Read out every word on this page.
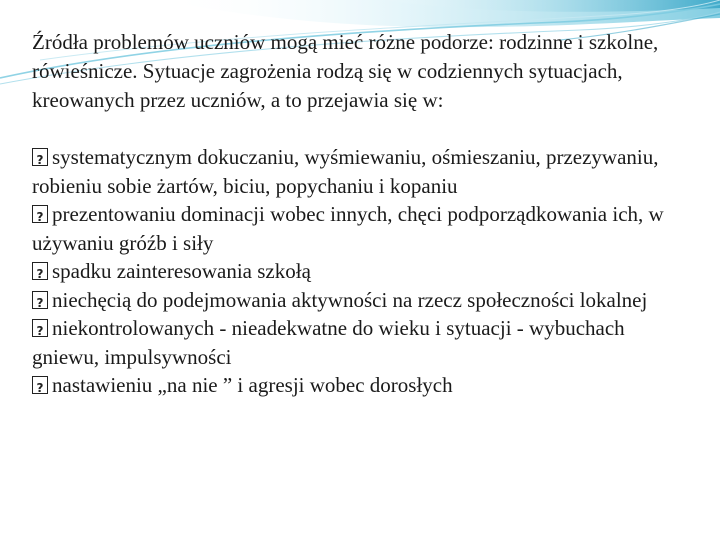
Źródła problemów uczniów mogą mieć różne podorze: rodzinne i szkolne, rówieśnicze. Sytuacje zagrożenia rodzą się w codziennych sytuacjach, kreowanych przez uczniów, a to przejawia się w:

?systematycznym dokuczaniu, wyśmiewaniu, ośmieszaniu, przezywaniu, robieniu sobie żartów, biciu, popychaniu i kopaniu
?prezentowaniu dominacji wobec innych, chęci podporządkowania ich, w używaniu gróźb i siły
?spadku zainteresowania szkołą
?niechęcią do podejmowania aktywności na rzecz społeczności lokalnej
?niekontrolowanych - nieadekwatne do wieku i sytuacji - wybuchach gniewu, impulsywności
?nastawieniu „na nie ” i agresji wobec dorosłych
